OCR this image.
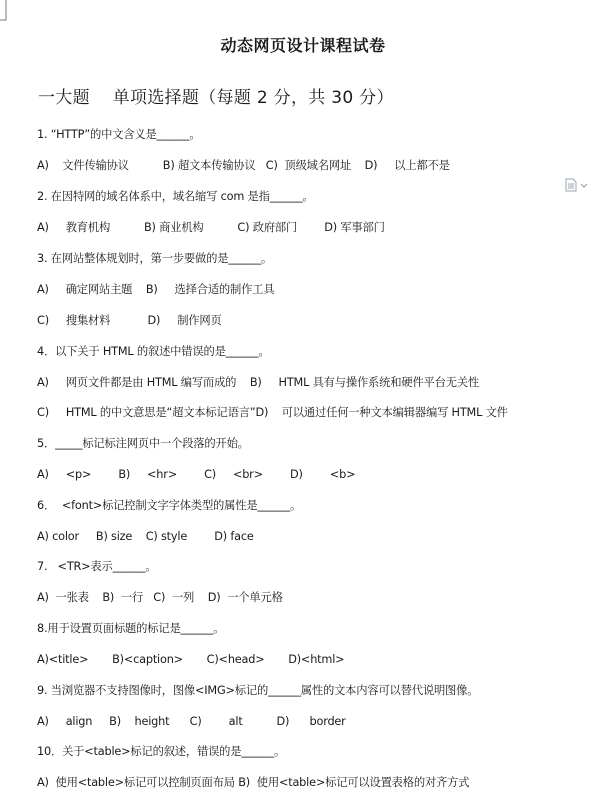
动态网页设计课程试卷
一大题    单项选择题（每题 2 分，共 30 分）
1. “HTTP”的中文含义是______。
A)    文件传输协议          B) 超文本传输协议   C)  顶级域名网址    D)     以上都不是
2. 在因特网的域名体系中，域名缩写 com 是指______。
A)     教育机构          B) 商业机构          C) 政府部门        D) 军事部门
3. 在网站整体规划时，第一步要做的是______。
A)     确定网站主题    B)     选择合适的制作工具
C)     搜集材料           D)     制作网页
4．以下关于 HTML 的叙述中错误的是______。
A)     网页文件都是由 HTML 编写而成的    B)     HTML 具有与操作系统和硬件平台无关性
C)     HTML 的中文意思是“超文本标记语言”D)    可以通过任何一种文本编辑器编写 HTML 文件
5．_____标记标注网页中一个段落的开始。
A)     <p>        B)     <hr>        C)     <br>        D)        <b>
6．  <font>标记控制文字字体类型的属性是______。
A) color     B) size    C) style        D) face
7.   <TR>表示______。
A)  一张表    B)  一行   C)  一列    D)  一个单元格
8.用于设置页面标题的标记是______。
A)<title>       B)<caption>       C)<head>       D)<html>
9. 当浏览器不支持图像时，图像<IMG>标记的______属性的文本内容可以替代说明图像。
A)     align     B)    height      C)        alt          D)      border
10．关于<table>标记的叙述，错误的是______。
A)  使用<table>标记可以控制页面布局 B)  使用<table>标记可以设置表格的对齐方式
